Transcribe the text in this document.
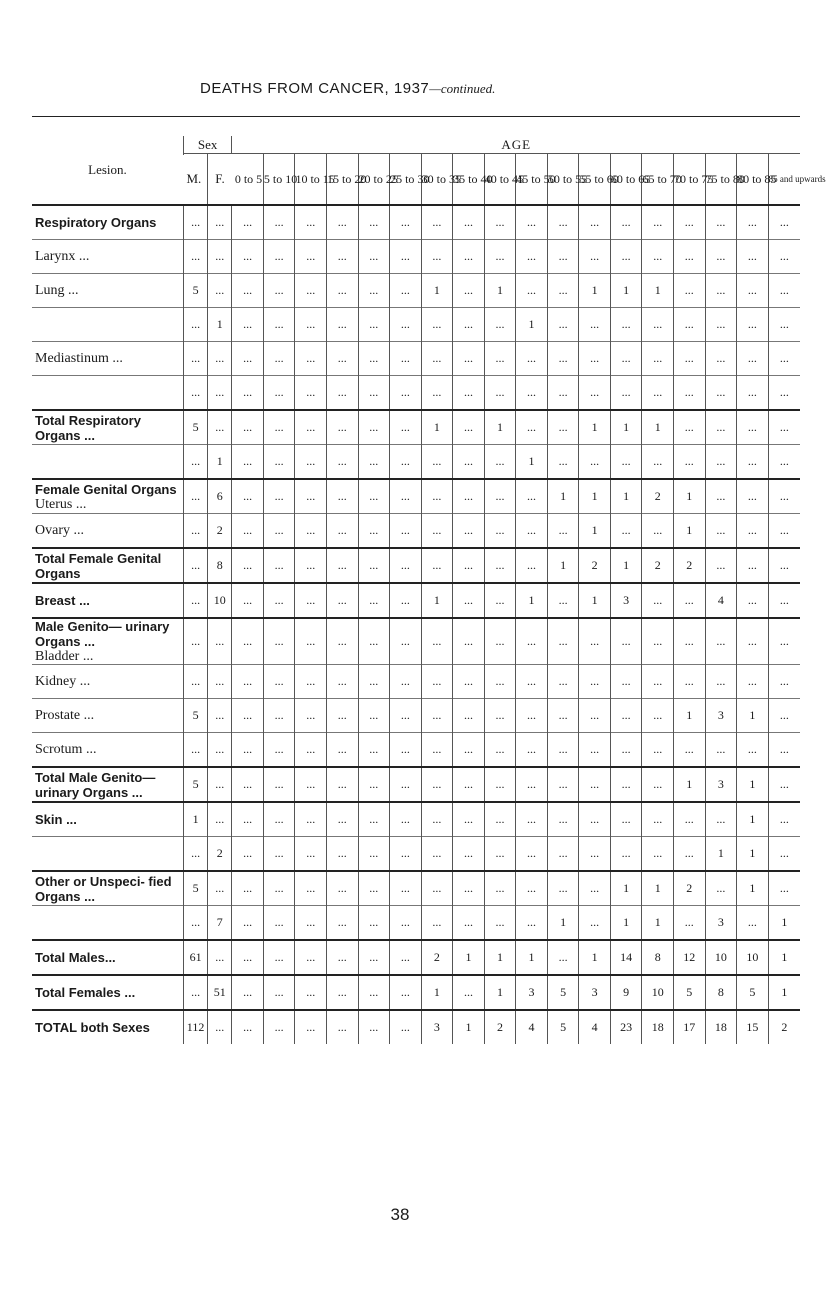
DEATHS FROM CANCER, 1937—continued.
Lesion.	Sex		AGE																	
			0 to 5	5 to 10	10 to 15	15 to 20	20 to 25	25 to 30	30 to 35	35 to 40	40 to 45	45 to 50	50 to 55	55 to 60	60 to 65	65 to 70	70 to 75	75 to 80	80 to 85	85 and upwards
	M.	F.																		

Respiratory Organs	...	...	...	...	...	...	...	...	...	...	...	...	...	...	...	...	...	...	...	...

Larynx ...	...	...	...	...	...	...	...	...	...	...	...	...	...	...	...	...	...	...	...	...

Lung ...	5	...	...	...	...	...	...	...	1	...	1	...	...	1	1	1	...	...	...	...
	...	1	...	...	...	...	...	...	...	...	...	1	...	...	...	...	...	...	...	...

Mediastinum ...	...	...	...	...	...	...	...	...	...	...	...	...	...	...	...	...	...	...	...	...
	...	...	...	...	...	...	...	...	...	...	...	...	...	...	...	...	...	...	...	...

Total Respiratory Organs ...	5	...	...	...	...	...	...	...	1	...	1	...	...	1	1	1	...	...	...	...
	...	1	...	...	...	...	...	...	...	...	...	1	...	...	...	...	...	...	...	...

Female Genital Organs
Uterus ...	...	6	...	...	...	...	...	...	...	...	...	...	1	1	1	2	1	...	...	...

Ovary ...	...	2	...	...	...	...	...	...	...	...	...	...	...	1	...	...	1	...	...	...

Total Female Genital Organs	...	8	...	...	...	...	...	...	...	...	...	...	1	2	1	2	2	...	...	...

Breast ...	...	10	...	...	...	...	...	...	1	...	...	1	...	1	3	...	...	4	...	...

Male Genito— urinary Organs ...
Bladder ...	...	...	...	...	...	...	...	...	...	...	...	...	...	...	...	...	...	...	...	...

Kidney ...	...	...	...	...	...	...	...	...	...	...	...	...	...	...	...	...	...	...	...	...

Prostate ...	5	...	...	...	...	...	...	...	...	...	...	...	...	...	...	...	1	3	1	...

Scrotum ...	...	...	...	...	...	...	...	...	...	...	...	...	...	...	...	...	...	...	...	...

Total Male Genito— urinary Organs ...	5	...	...	...	...	...	...	...	...	...	...	...	...	...	...	...	1	3	1	...

Skin ...	1	...	...	...	...	...	...	...	...	...	...	...	...	...	...	...	...	...	1	...
	...	2	...	...	...	...	...	...	...	...	...	...	...	...	...	...	...	1	1	...

Other or Unspeci- fied Organs ...	5	...	...	...	...	...	...	...	...	...	...	...	...	...	1	1	2	...	1	...
	...	7	...	...	...	...	...	...	...	...	...	...	1	...	1	1	...	3	...	1

Total Males...	61	...	...	...	...	...	...	...	2	1	1	1	...	1	14	8	12	10	10	1

Total Females ...	...	51	...	...	...	...	...	...	1	...	1	3	5	3	9	10	5	8	5	1

TOTAL both Sexes	112	...	...	...	...	...	...	...	3	1	2	4	5	4	23	18	17	18	15	2
38
